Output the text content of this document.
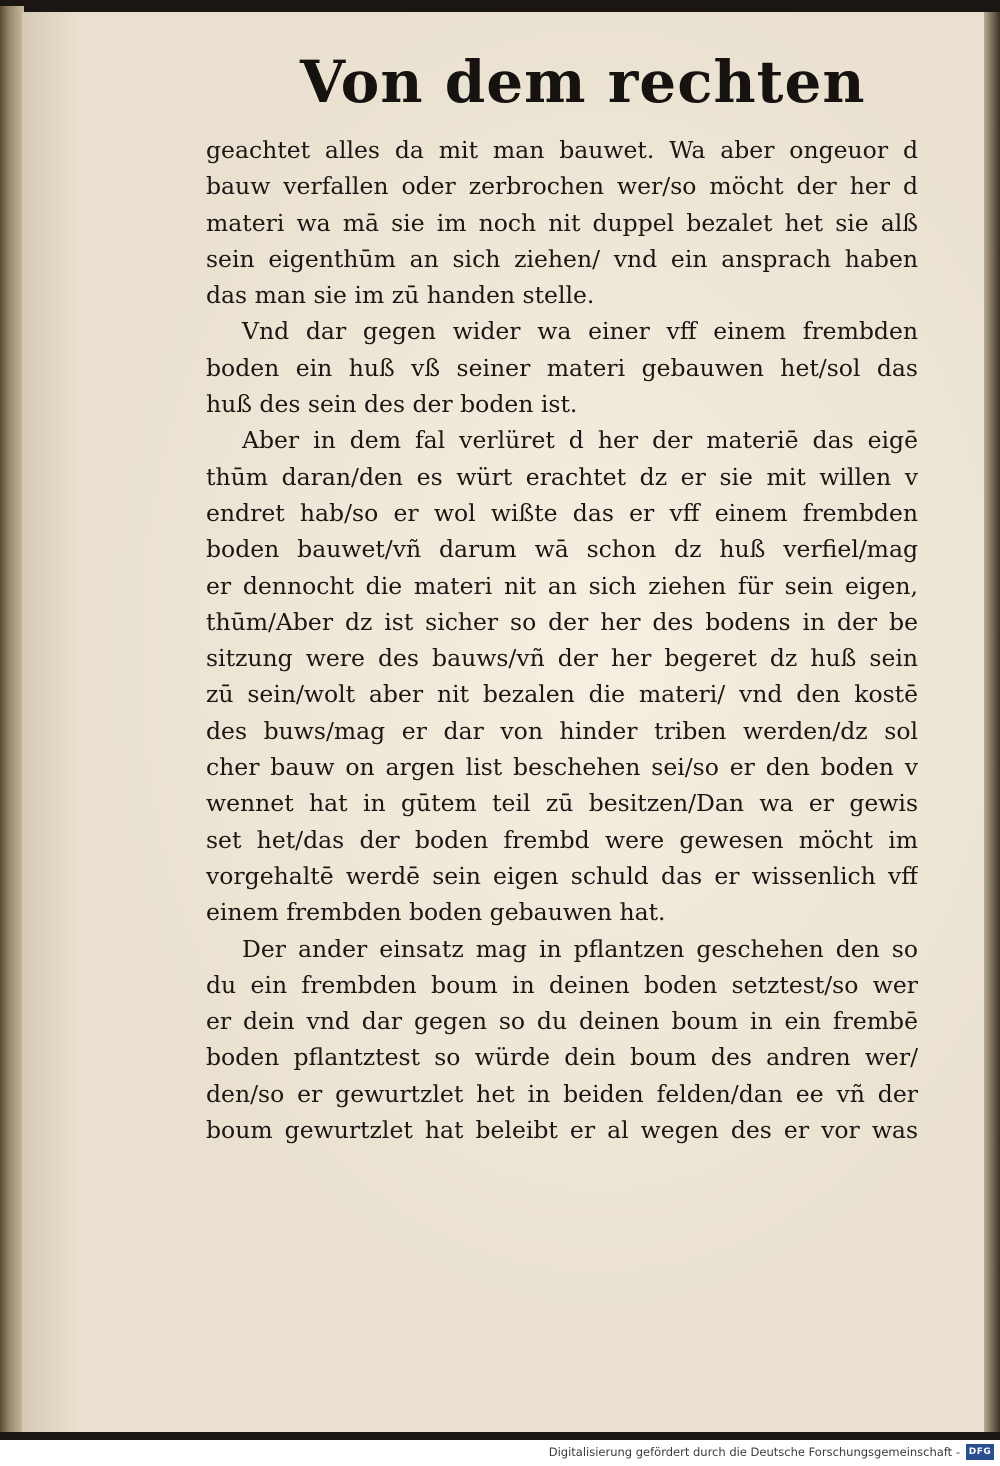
Von dem rechten
geachtet alles da mit man bauwet. Wa aber ongeuor d
bauw verfallen oder zerbrochen wer/so möcht der her d
materi wa mā sie im noch nit duppel bezalet het sie alß
sein eigenthūm an sich ziehen/ vnd ein ansprach haben
das man sie im zū handen stelle.
Vnd dar gegen wider wa einer vff einem frembden
boden ein huß vß seiner materi gebauwen het/sol das
huß des sein des der boden ist.
Aber in dem fal verlüret d her der materiē das eigē
thūm daran/den es würt erachtet dz er sie mit willen v
endret hab/so er wol wißte das er vff einem frembden
boden bauwet/vñ darum wā schon dz huß verfiel/mag
er dennocht die materi nit an sich ziehen für sein eigen,
thūm/Aber dz ist sicher so der her des bodens in der be
sitzung were des bauws/vñ der her begeret dz huß sein
zū sein/wolt aber nit bezalen die materi/ vnd den kostē
des buws/mag er dar von hinder triben werden/dz sol
cher bauw on argen list beschehen sei/so er den boden v
wennet hat in gūtem teil zū besitzen/Dan wa er gewis
set het/das der boden frembd were gewesen möcht im
vorgehaltē werdē sein eigen schuld das er wissenlich vff
einem frembden boden gebauwen hat.
Der ander einsatz mag in pflantzen geschehen den so
du ein frembden boum in deinen boden setztest/so wer
er dein vnd dar gegen so du deinen boum in ein frembē
boden pflantztest so würde dein boum des andren wer/
den/so er gewurtzlet het in beiden felden/dan ee vñ der
boum gewurtzlet hat beleibt er al wegen des er vor was
Digitalisierung gefördert durch die Deutsche Forschungsgemeinschaft - DFG
